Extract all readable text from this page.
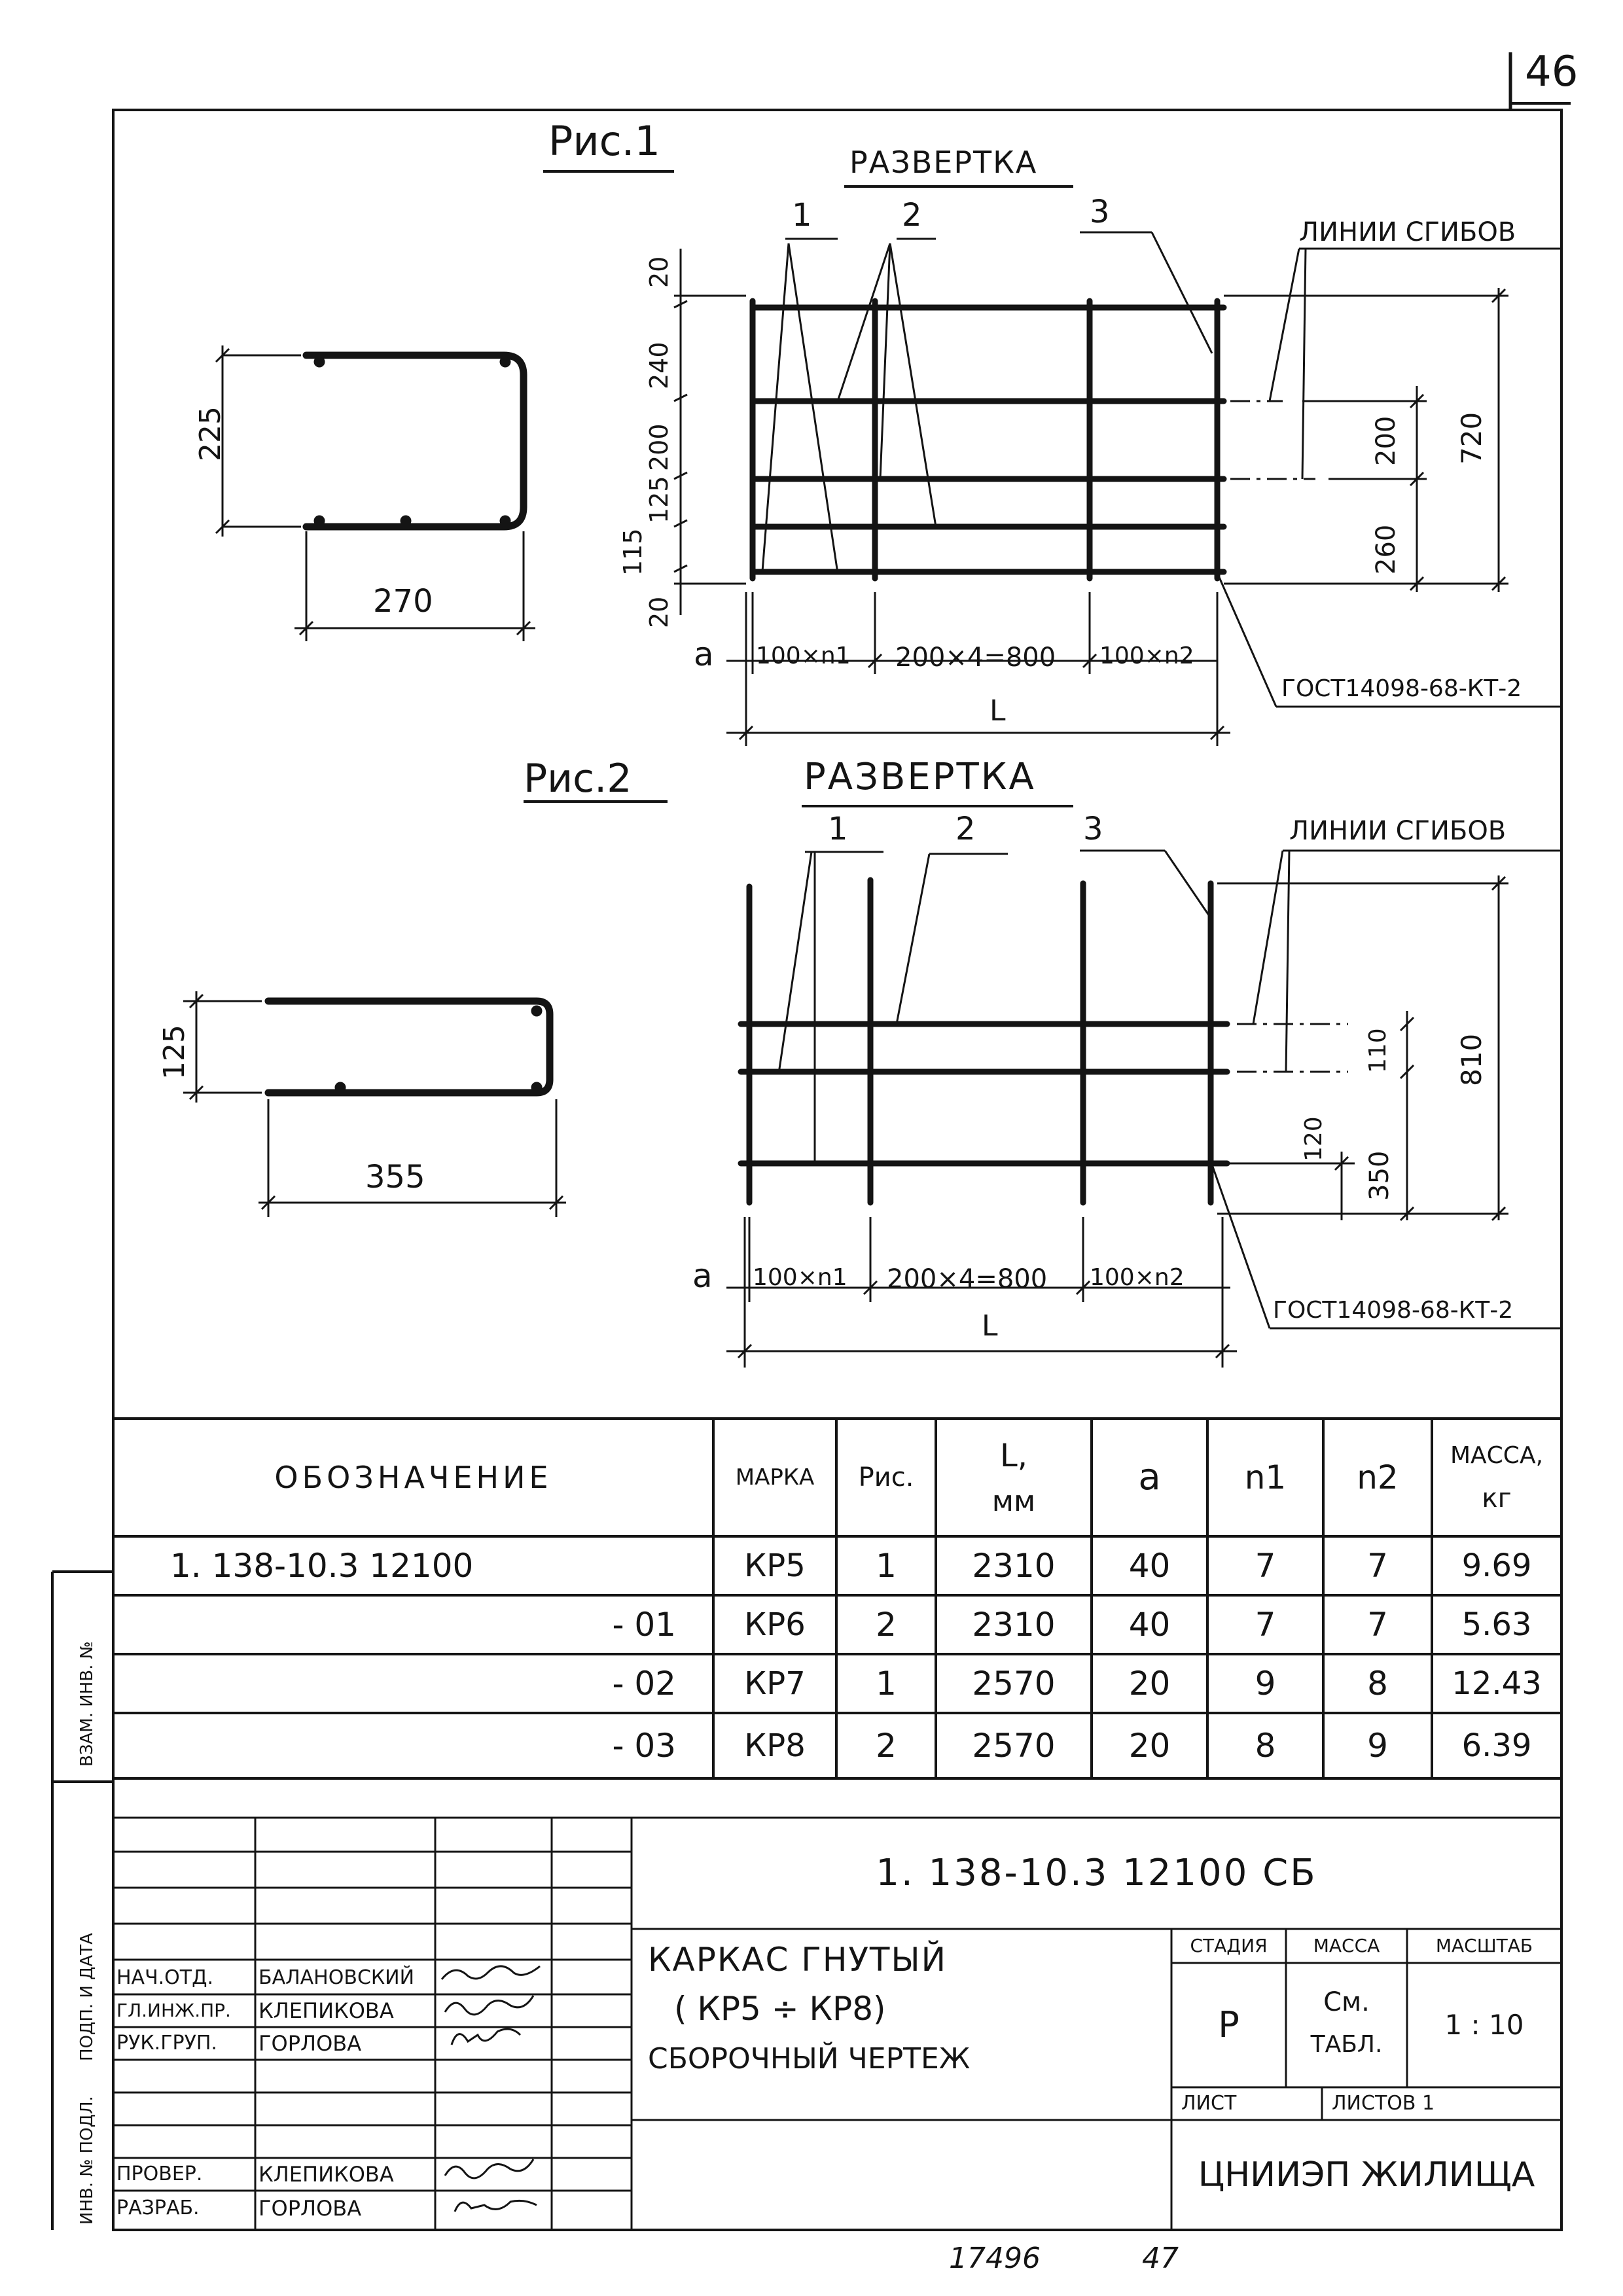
46
Рис.1	РАЗВЕРТКА
1	2	3
ЛИНИИ СГИБОВ
225
270
20
240
200
125
115
20
200
260
720
a 100×n1 200×4=800 100×n2
L
ГОСТ14098-68-КТ-2
Рис.2	РАЗВЕРТКА
1	2	3	ЛИНИИ СГИБОВ
125
355
110
120
350
810
a 100×n1 200×4=800 100×n2
L	ГОСТ14098-68-КТ-2
ОБОЗНАЧЕНИЕ	МАРКА	Рис.
L,
мм
a	n1	n2
МАССА,
кг
1. 138-10.3 12100	КР5	1	2310	40	7	7	9.69
- 01	КР6	2	2310	40	7	7	5.63
- 02	КР7	1	2570	20	9	8	12.43
- 03	КР8	2	2570	20	8	9	6.39
ИНВ. № ПОДЛ.
ПОДП. И ДАТА
ВЗАМ. ИНВ. №
1. 138-10.3 12100 СБ
КАРКАС ГНУТЫЙ
( КР5 ÷ КР8)
СБОРОЧНЫЙ ЧЕРТЕЖ
СТАДИЯ	МАССА	МАСШТАБ
Р
См.
ТАБЛ.
1 : 10
ЛИСТ	ЛИСТОВ 1
ЦНИИЭП ЖИЛИЩА
НАЧ.ОТД.	БАЛАНОВСКИЙ
ГЛ.ИНЖ.ПР.	КЛЕПИКОВА
РУК.ГРУП.	ГОРЛОВА
ПРОВЕР.	КЛЕПИКОВА
РАЗРАБ.	ГОРЛОВА
17496	47
